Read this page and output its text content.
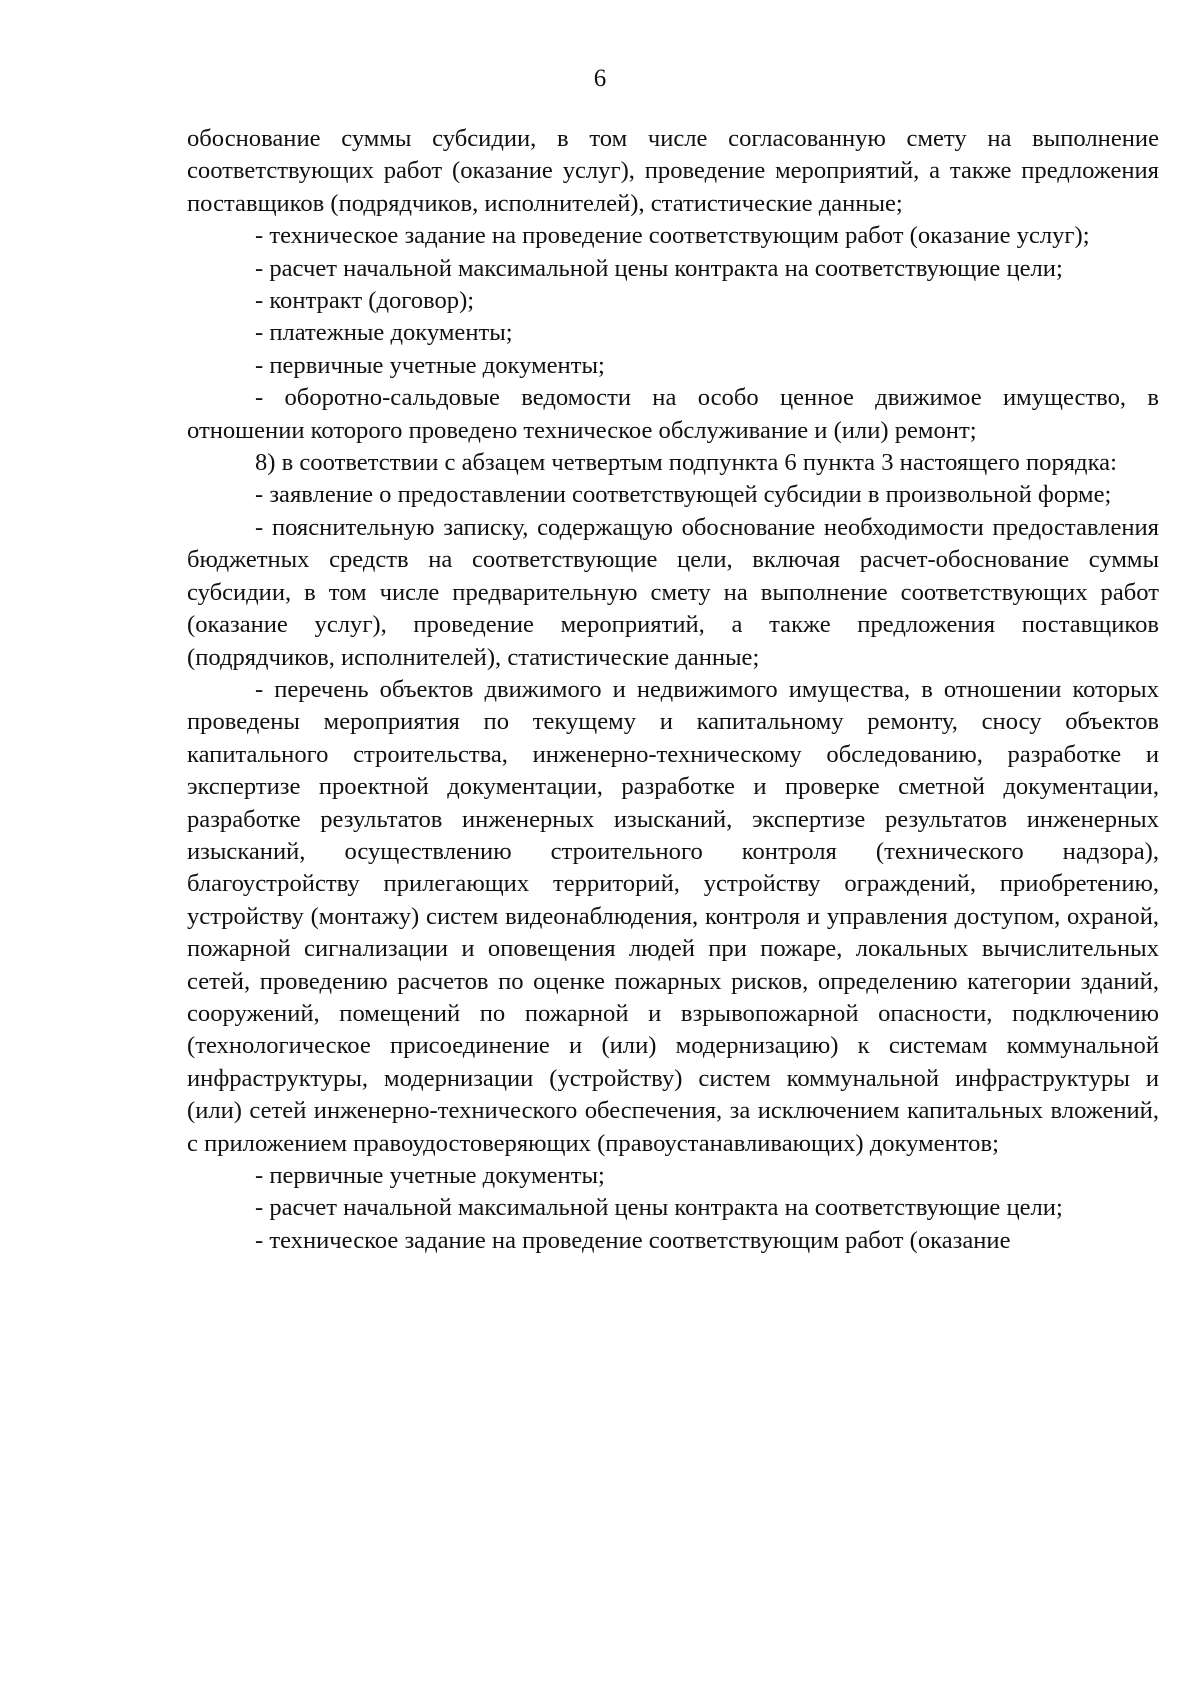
6

обоснование суммы субсидии, в том числе согласованную смету на выполнение соответствующих работ (оказание услуг), проведение мероприятий, а также предложения поставщиков (подрядчиков, исполнителей), статистические данные;

- техническое задание на проведение соответствующим работ (оказание услуг);

- расчет начальной максимальной цены контракта на соответствующие цели;

- контракт (договор);

- платежные документы;

- первичные учетные документы;

- оборотно-сальдовые ведомости на особо ценное движимое имущество, в отношении которого проведено техническое обслуживание и (или) ремонт;

8) в соответствии с абзацем четвертым подпункта 6 пункта 3 настоящего порядка:

- заявление о предоставлении соответствующей субсидии в произвольной форме;

- пояснительную записку, содержащую обоснование необходимости предоставления бюджетных средств на соответствующие цели, включая расчет-обоснование суммы субсидии, в том числе предварительную смету на выполнение соответствующих работ (оказание услуг), проведение мероприятий, а также предложения поставщиков (подрядчиков, исполнителей), статистические данные;

- перечень объектов движимого и недвижимого имущества, в отношении которых проведены мероприятия по текущему и капитальному ремонту, сносу объектов капитального строительства, инженерно-техническому обследованию, разработке и экспертизе проектной документации, разработке и проверке сметной документации, разработке результатов инженерных изысканий, экспертизе результатов инженерных изысканий, осуществлению строительного контроля (технического надзора), благоустройству прилегающих территорий, устройству ограждений, приобретению, устройству (монтажу) систем видеонаблюдения, контроля и управления доступом, охраной, пожарной сигнализации и оповещения людей при пожаре, локальных вычислительных сетей, проведению расчетов по оценке пожарных рисков, определению категории зданий, сооружений, помещений по пожарной и взрывопожарной опасности, подключению (технологическое присоединение и (или) модернизацию) к системам коммунальной инфраструктуры, модернизации (устройству) систем коммунальной инфраструктуры и (или) сетей инженерно-технического обеспечения, за исключением капитальных вложений, с приложением правоудостоверяющих (правоустанавливающих) документов;

- первичные учетные документы;

- расчет начальной максимальной цены контракта на соответствующие цели;

- техническое задание на проведение соответствующим работ (оказание
